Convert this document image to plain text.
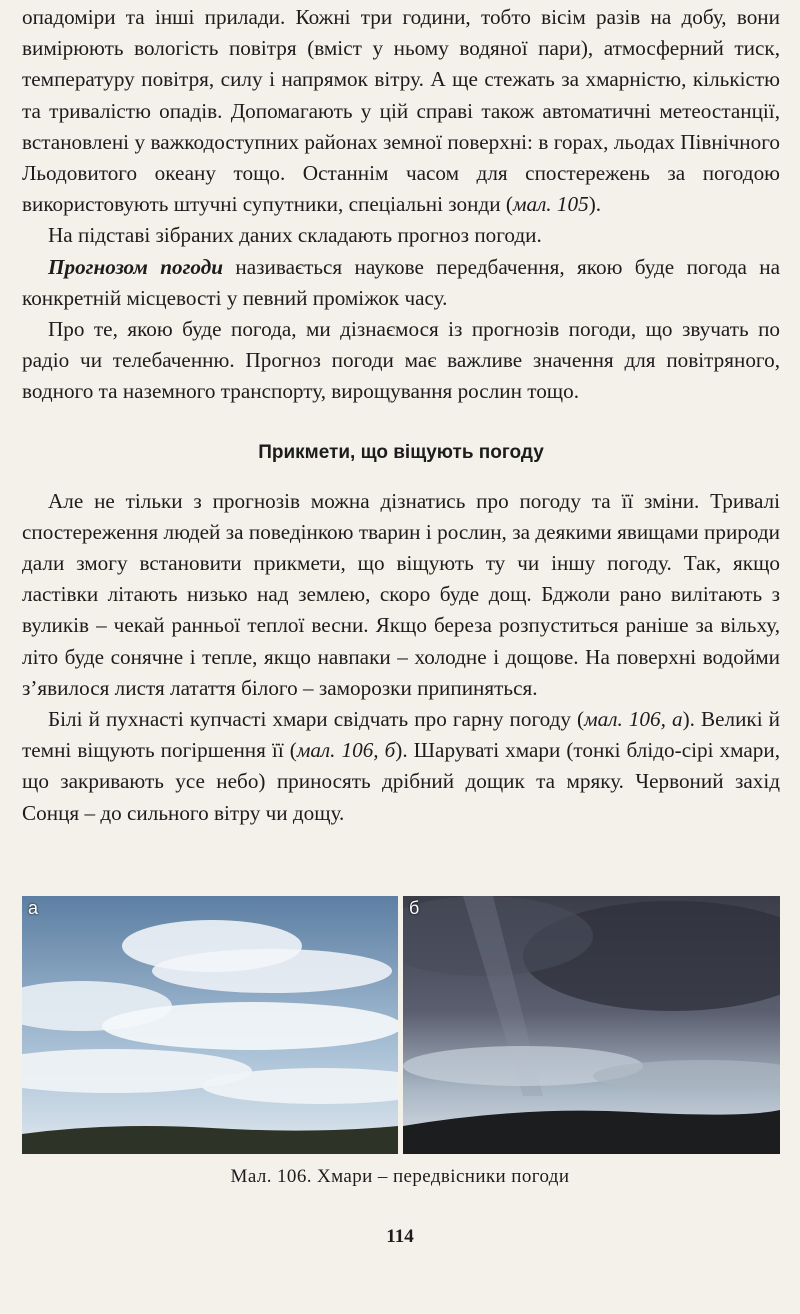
опадоміри та інші прилади. Кожні три години, тобто вісім разів на добу, вони вимірюють вологість повітря (вміст у ньому водяної пари), атмосферний тиск, температуру повітря, силу і напрямок вітру. А ще стежать за хмарністю, кількістю та тривалістю опадів. Допомагають у цій справі також автоматичні метеостанції, встановлені у важкодоступних районах земної поверхні: в горах, льодах Північного Льодовитого океану тощо. Останнім часом для спостережень за погодою використовують штучні супутники, спеціальні зонди (мал. 105).

На підставі зібраних даних складають прогноз погоди.

Прогнозом погоди називається наукове передбачення, якою буде погода на конкретній місцевості у певний проміжок часу.

Про те, якою буде погода, ми дізнаємося із прогнозів погоди, що звучать по радіо чи телебаченню. Прогноз погоди має важливе значення для повітряного, водного та наземного транспорту, вирощування рослин тощо.

Прикмети, що віщують погоду

Але не тільки з прогнозів можна дізнатись про погоду та її зміни. Тривалі спостереження людей за поведінкою тварин і рослин, за деякими явищами природи дали змогу встановити прикмети, що віщують ту чи іншу погоду. Так, якщо ластівки літають низько над землею, скоро буде дощ. Бджоли рано вилітають з вуликів – чекай ранньої теплої весни. Якщо береза розпуститься раніше за вільху, літо буде сонячне і тепле, якщо навпаки – холодне і дощове. На поверхні водойми з’явилося листя латаття білого – заморозки припиняться.

Білі й пухнасті купчасті хмари свідчать про гарну погоду (мал. 106, а). Великі й темні віщують погіршення її (мал. 106, б). Шаруваті хмари (тонкі блідо-сірі хмари, що закривають усе небо) приносять дрібний дощик та мряку. Червоний захід Сонця – до сильного вітру чи дощу.

а	б
Мал. 106. Хмари – передвісники погоди
114
